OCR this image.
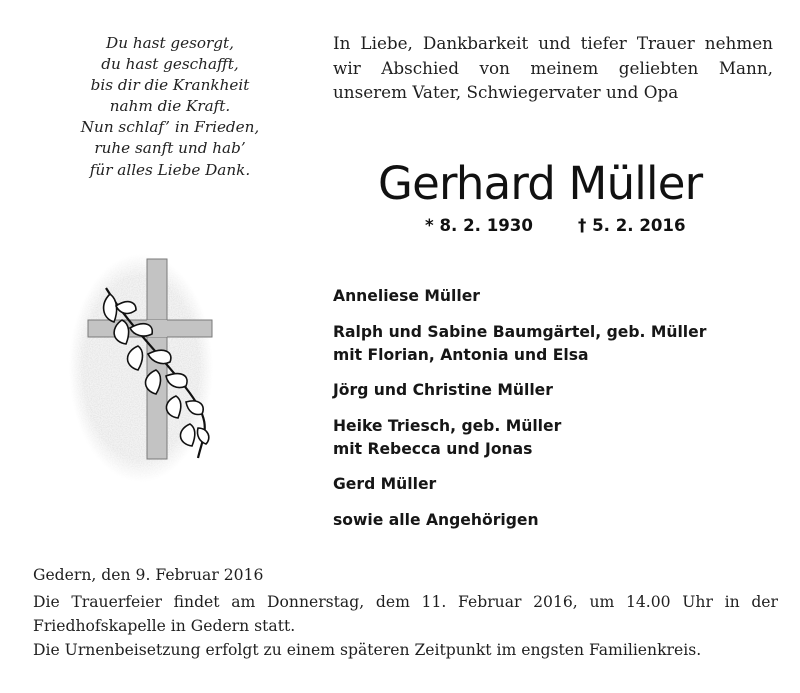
Du hast gesorgt,
du hast geschafft,
bis dir die Krankheit
nahm die Kraft.
Nun schlaf’ in Frieden,
ruhe sanft und hab’
für alles Liebe Dank.
In Liebe, Dankbarkeit und tiefer Trauer nehmen wir Abschied von meinem geliebten Mann, unserem Vater, Schwiegervater und Opa
Gerhard Müller
* 8. 2. 1930	† 5. 2. 2016
Anneliese Müller
Ralph und Sabine Baumgärtel, geb. Müller
mit Florian, Antonia und Elsa
Jörg und Christine Müller
Heike Triesch, geb. Müller
mit Rebecca und Jonas
Gerd Müller
sowie alle Angehörigen
Gedern, den 9. Februar 2016
Die Trauerfeier findet am Donnerstag, dem 11. Februar 2016, um 14.00 Uhr in der Friedhofskapelle in Gedern statt.
Die Urnenbeisetzung erfolgt zu einem späteren Zeitpunkt im engsten Familienkreis.
